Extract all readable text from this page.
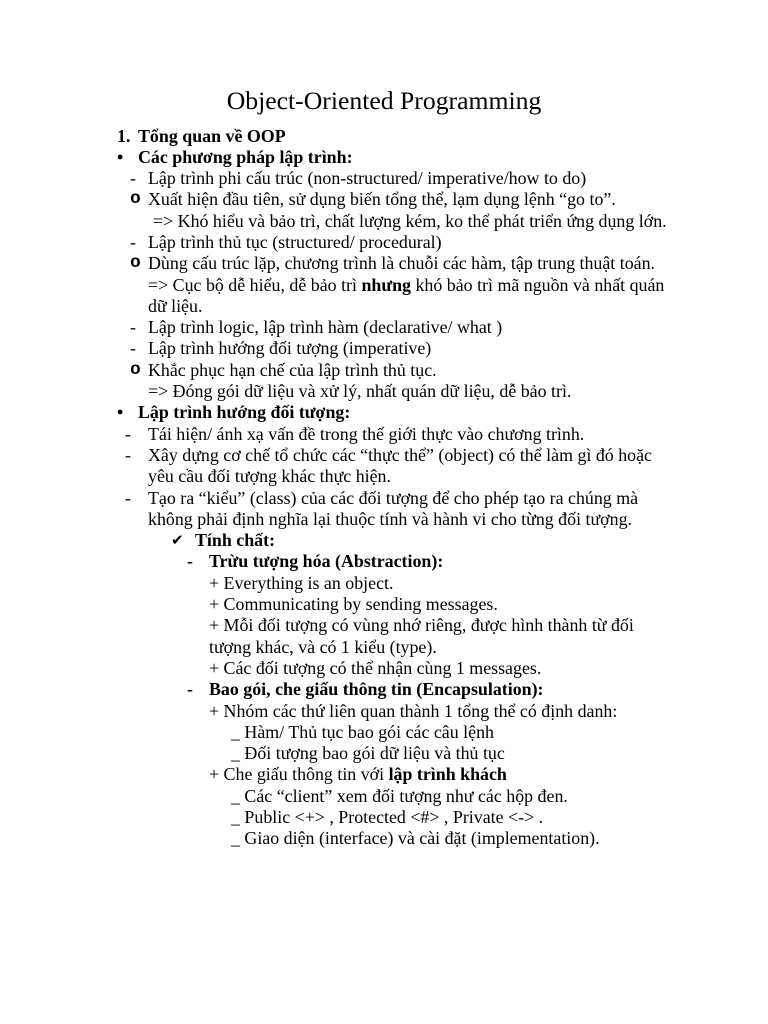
Object-Oriented Programming
1. Tổng quan về OOP
• Các phương pháp lập trình:
- Lập trình phi cấu trúc (non-structured/ imperative/how to do)
o Xuất hiện đầu tiên, sử dụng biến tổng thể, lạm dụng lệnh “go to”.
=> Khó hiểu và bảo trì, chất lượng kém, ko thể phát triển ứng dụng lớn.
- Lập trình thủ tục (structured/ procedural)
o Dùng cấu trúc lặp, chương trình là chuỗi các hàm, tập trung thuật toán.
=> Cục bộ dễ hiểu, dễ bảo trì nhưng khó bảo trì mã nguồn và nhất quán
dữ liệu.
- Lập trình logic, lập trình hàm (declarative/ what )
- Lập trình hướng đối tượng (imperative)
o Khắc phục hạn chế của lập trình thủ tục.
=> Đóng gói dữ liệu và xử lý, nhất quán dữ liệu, dễ bảo trì.
• Lập trình hướng đối tượng:
- Tái hiện/ ánh xạ vấn đề trong thế giới thực vào chương trình.
- Xây dựng cơ chế tổ chức các “thực thể” (object) có thể làm gì đó hoặc
yêu cầu đối tượng khác thực hiện.
- Tạo ra “kiểu” (class) của các đối tượng để cho phép tạo ra chúng mà
không phải định nghĩa lại thuộc tính và hành vi cho từng đối tượng.
✔ Tính chất:
- Trừu tượng hóa (Abstraction):
+ Everything is an object.
+ Communicating by sending messages.
+ Mỗi đối tượng có vùng nhớ riêng, được hình thành từ đối
tượng khác, và có 1 kiểu (type).
+ Các đối tượng có thể nhận cùng 1 messages.
- Bao gói, che giấu thông tin (Encapsulation):
+ Nhóm các thứ liên quan thành 1 tổng thể có định danh:
_ Hàm/ Thủ tục bao gói các câu lệnh
_ Đối tượng bao gói dữ liệu và thủ tục
+ Che giấu thông tin với lập trình khách
_ Các “client” xem đối tượng như các hộp đen.
_ Public <+> , Protected <#> , Private <-> .
_ Giao diện (interface) và cài đặt (implementation).
